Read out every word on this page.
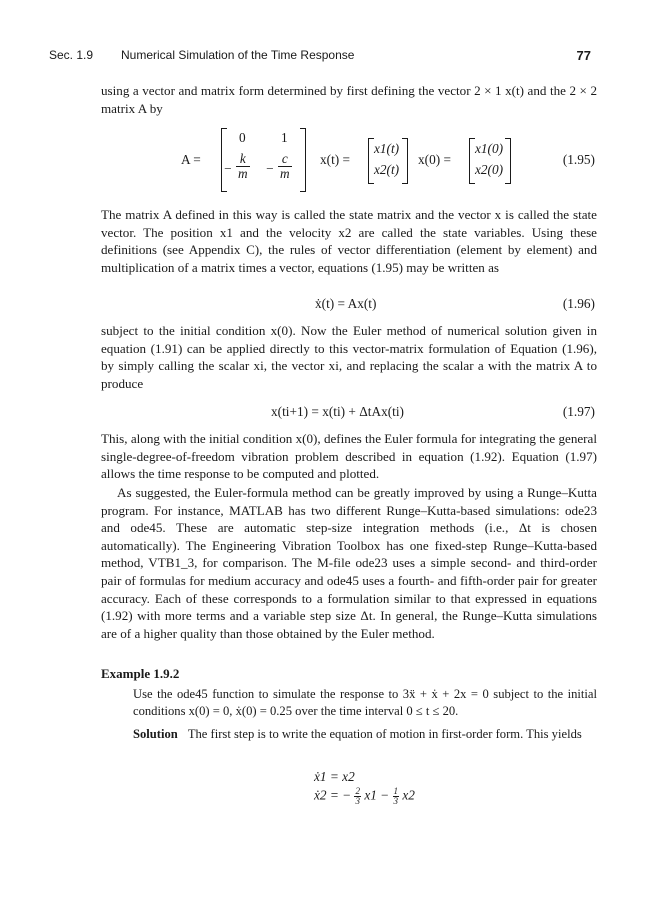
Sec. 1.9 Numerical Simulation of the Time Response	77
using a vector and matrix form determined by first defining the vector 2 × 1 x(t) and the 2 × 2 matrix A by
A =
0	1
− $\frac{k}{m} - \frac{c}{m} x(t)$ =
x1(t)
x2(t)
x(0) =
x1(0)
x2(0)
(1.95)
The matrix A defined in this way is called the state matrix and the vector x is called the state vector. The position x1 and the velocity x2 are called the state variables. Using these definitions (see Appendix C), the rules of vector differentiation (element by element) and multiplication of a matrix times a vector, equations (1.95) may be written as
ẋ(t) = Ax(t)	(1.96)
subject to the initial condition x(0). Now the Euler method of numerical solution given in equation (1.91) can be applied directly to this vector-matrix formulation of Equation (1.96), by simply calling the scalar xi, the vector xi, and replacing the scalar a with the matrix A to produce
x(ti+1) = x(ti) + ΔtAx(ti)	(1.97)
This, along with the initial condition x(0), defines the Euler formula for integrating the general single-degree-of-freedom vibration problem described in equation (1.92). Equation (1.97) allows the time response to be computed and plotted.
As suggested, the Euler-formula method can be greatly improved by using a Runge–Kutta program. For instance, MATLAB has two different Runge–Kutta-based simulations: ode23 and ode45. These are automatic step-size integration methods (i.e., Δt is chosen automatically). The Engineering Vibration Toolbox has one fixed-step Runge–Kutta-based method, VTB1_3, for comparison. The M-file ode23 uses a simple second- and third-order pair of formulas for medium accuracy and ode45 uses a fourth- and fifth-order pair for greater accuracy. Each of these corresponds to a formulation similar to that expressed in equations (1.92) with more terms and a variable step size Δt. In general, the Runge–Kutta simulations are of a higher quality than those obtained by the Euler method.
Example 1.9.2
Use the ode45 function to simulate the response to 3ẍ + ẋ + 2x = 0 subject to the initial conditions x(0) = 0, ẋ(0) = 0.25 over the time interval 0 ≤ t ≤ 20.
Solution The first step is to write the equation of motion in first-order form. This yields
ẋ1 = x2
ẋ2 = − $\frac{2}{3} x1 - \frac{1}{3} x2$
